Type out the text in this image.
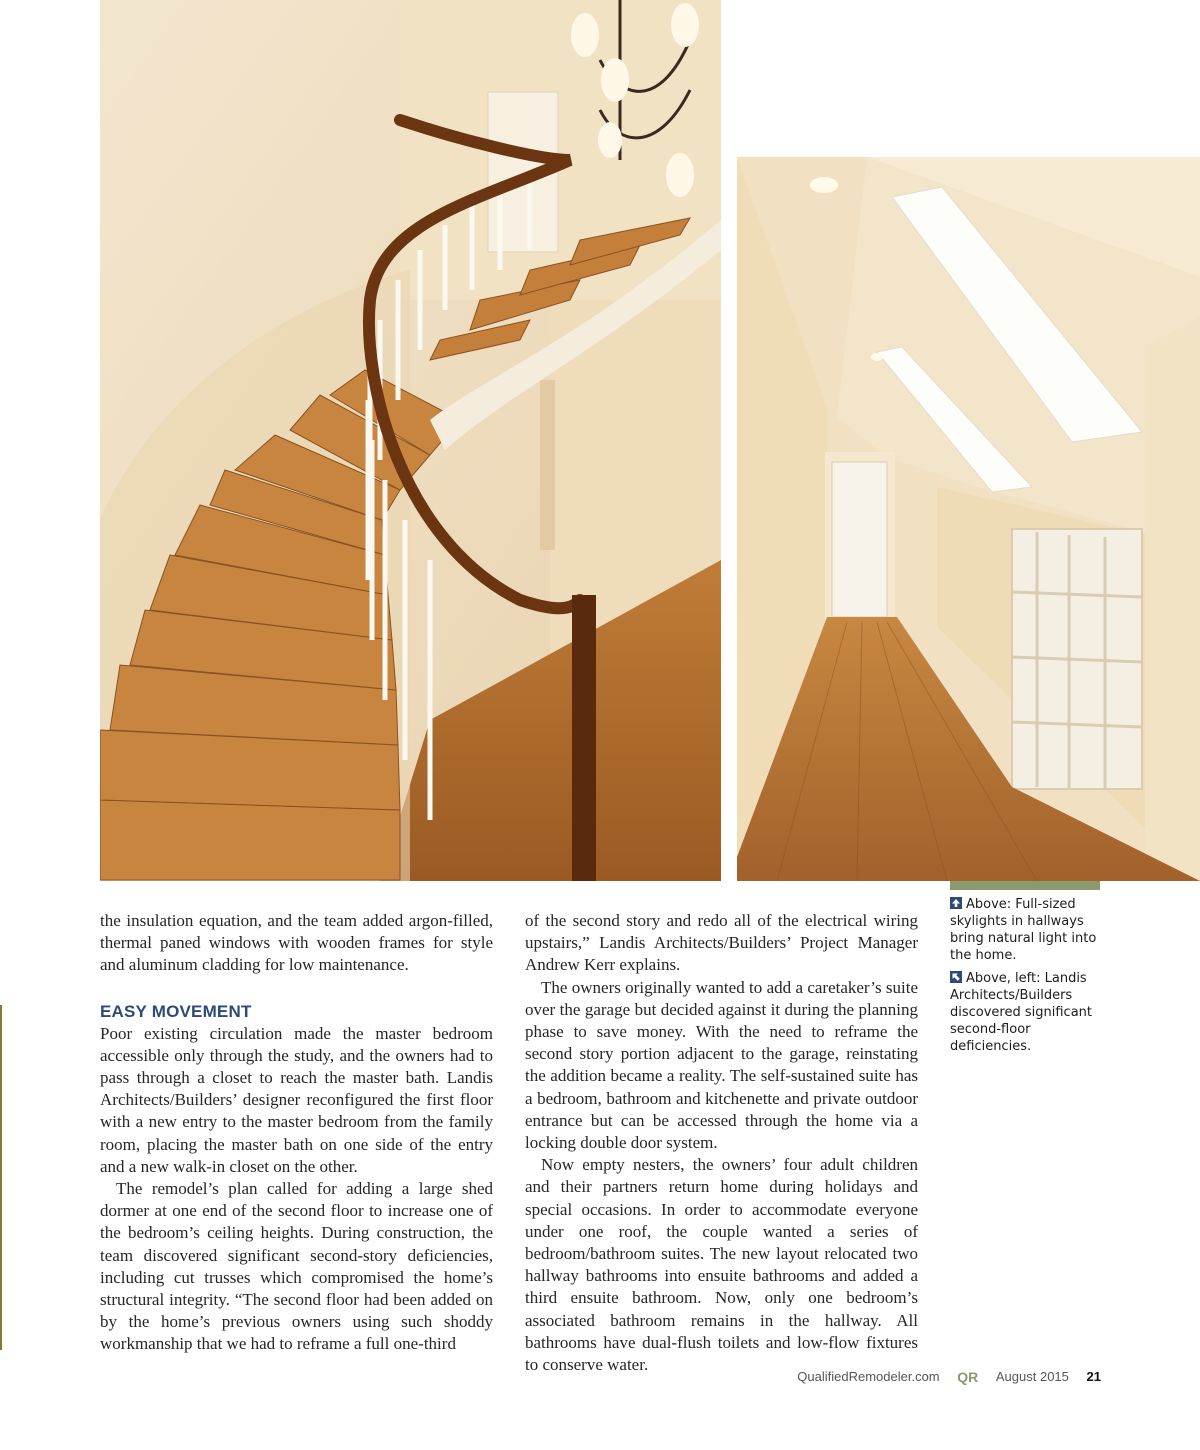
the insulation equation, and the team added argon-filled, thermal paned windows with wooden frames for style and aluminum cladding for low maintenance.

EASY MOVEMENT

Poor existing circulation made the master bedroom accessible only through the study, and the owners had to pass through a closet to reach the master bath. Landis Architects/Builders’ designer reconfigured the first floor with a new entry to the master bedroom from the family room, placing the master bath on one side of the entry and a new walk-in closet on the other.

The remodel’s plan called for adding a large shed dormer at one end of the second floor to increase one of the bedroom’s ceiling heights. During construction, the team discovered significant second-story deficiencies, including cut trusses which compromised the home’s structural integrity. “The second floor had been added on by the home’s previous owners using such shoddy workmanship that we had to reframe a full one-third

of the second story and redo all of the electrical wiring upstairs,” Landis Architects/Builders’ Project Manager Andrew Kerr explains.

The owners originally wanted to add a caretaker’s suite over the garage but decided against it during the planning phase to save money. With the need to reframe the second story portion adjacent to the garage, reinstating the addition became a reality. The self-sustained suite has a bedroom, bathroom and kitchenette and private outdoor entrance but can be accessed through the home via a locking double door system.

Now empty nesters, the owners’ four adult children and their partners return home during holidays and special occasions. In order to accommodate everyone under one roof, the couple wanted a series of bedroom/bathroom suites. The new layout relocated two hallway bathrooms into ensuite bathrooms and added a third ensuite bathroom. Now, only one bedroom’s associated bathroom remains in the hallway. All bathrooms have dual-flush toilets and low-flow fixtures to conserve water.

Above: Full-sized skylights in hallways bring natural light into the home.
Above, left: Landis Architects/Builders discovered significant second-floor deficiencies.
QualifiedRemodeler.com QR August 2015 21
